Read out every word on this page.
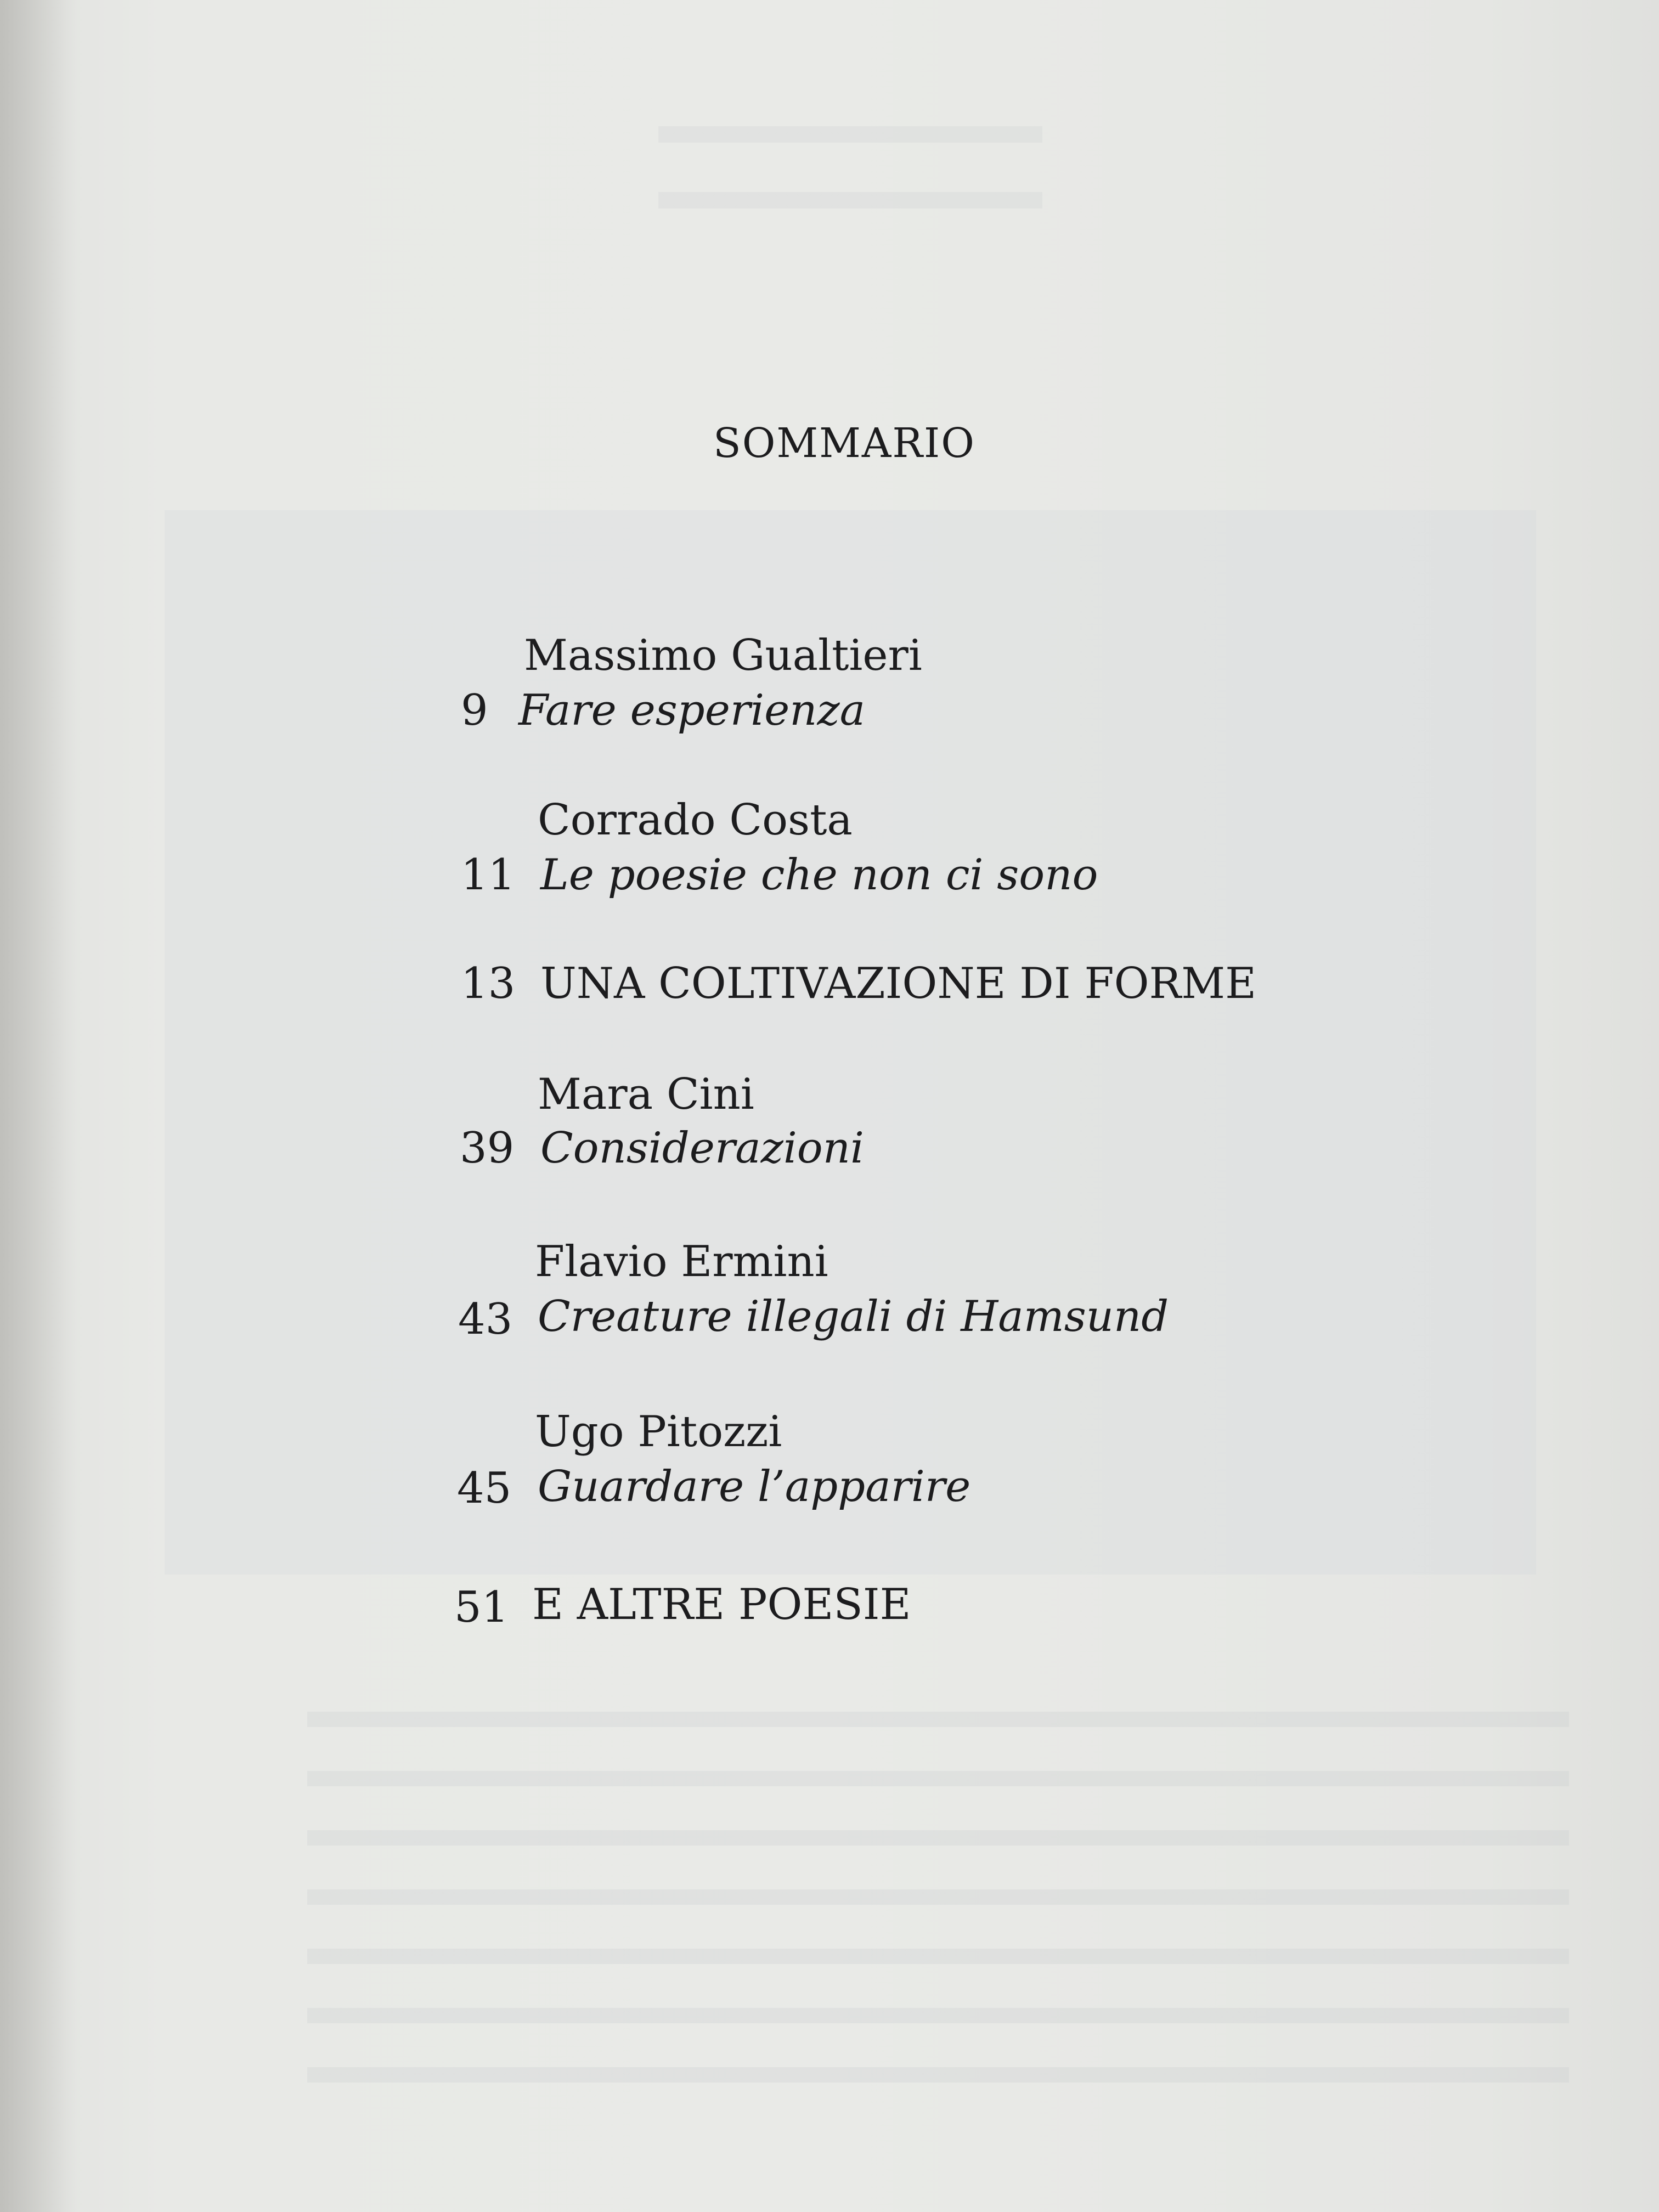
SOMMARIO
Massimo Gualtieri
9 Fare esperienza
Corrado Costa
11 Le poesie che non ci sono
13 UNA COLTIVAZIONE DI FORME
Mara Cini
39 Considerazioni
Flavio Ermini
43 Creature illegali di Hamsund
Ugo Pitozzi
45 Guardare l’apparire
51 E ALTRE POESIE
